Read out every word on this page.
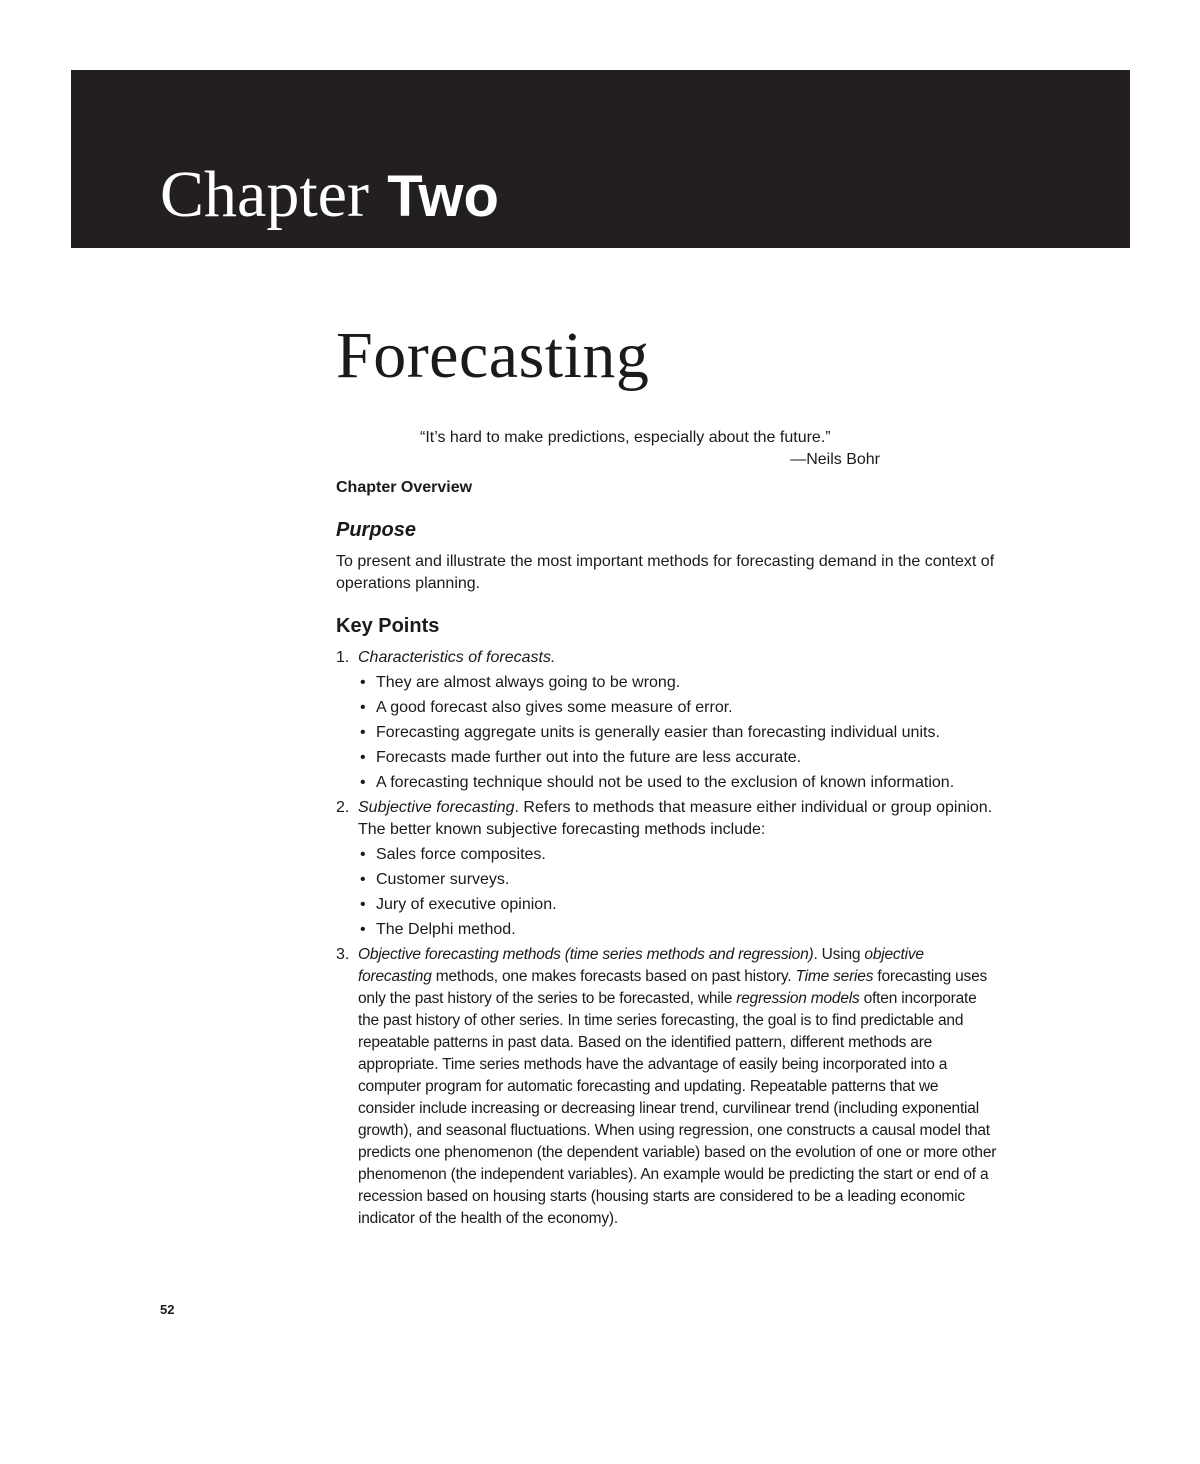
Chapter Two
Forecasting
“It’s hard to make predictions, especially about the future.”
—Neils Bohr
Chapter Overview
Purpose

To present and illustrate the most important methods for forecasting demand in the context of operations planning.

Key Points
1. Characteristics of forecasts.

• They are almost always going to be wrong.
• A good forecast also gives some measure of error.
• Forecasting aggregate units is generally easier than forecasting individual units.
• Forecasts made further out into the future are less accurate.
• A forecasting technique should not be used to the exclusion of known information.
2. Subjective forecasting. Refers to methods that measure either individual or group opinion. The better known subjective forecasting methods include:

• Sales force composites.
• Customer surveys.
• Jury of executive opinion.
• The Delphi method.
3. Objective forecasting methods (time series methods and regression). Using objective forecasting methods, one makes forecasts based on past history. Time series forecasting uses only the past history of the series to be forecasted, while regression models often incorporate the past history of other series. In time series forecasting, the goal is to find predictable and repeatable patterns in past data. Based on the identified pattern, different methods are appropriate. Time series methods have the advantage of easily being incorporated into a computer program for automatic forecasting and updating. Repeatable patterns that we consider include increasing or decreasing linear trend, curvilinear trend (including exponential growth), and seasonal fluctuations. When using regression, one constructs a causal model that predicts one phenomenon (the dependent variable) based on the evolution of one or more other phenomenon (the independent variables). An example would be predicting the start or end of a recession based on housing starts (housing starts are considered to be a leading economic indicator of the health of the economy).

52
